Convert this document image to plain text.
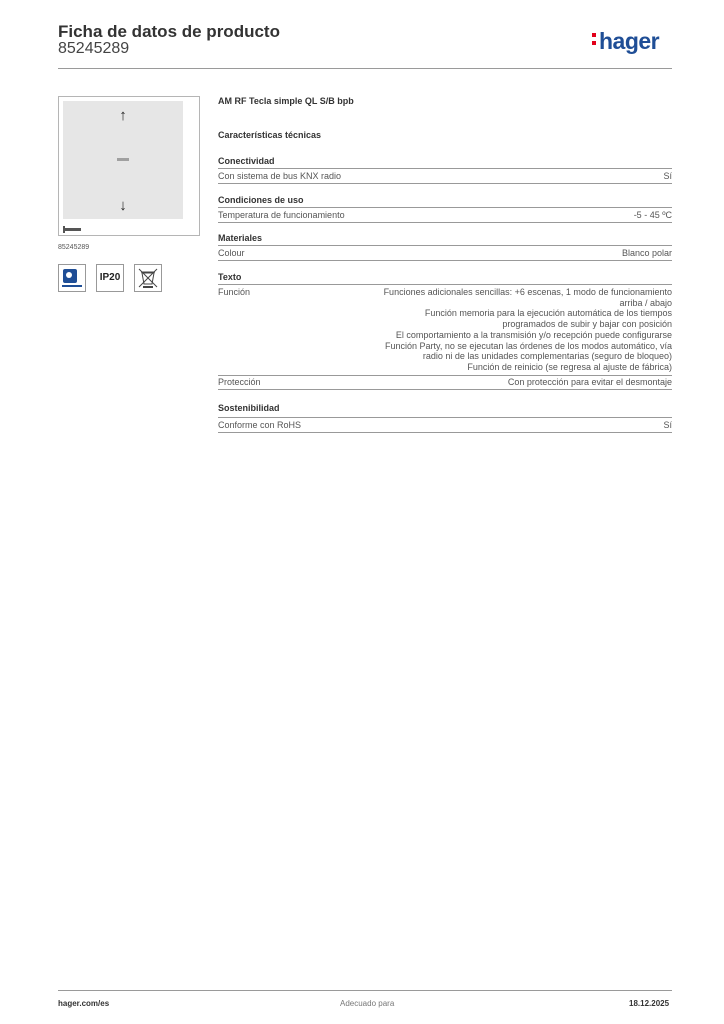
Ficha de datos de producto
85245289	hager
↑
↓
85245289
IP20
AM RF Tecla simple QL S/B bpb
Características técnicas
Conectividad
Con sistema de bus KNX radio	Sí
Condiciones de uso
Temperatura de funcionamiento	-5 - 45 ºC
Materiales
Colour	Blanco polar
Texto
Función	Funciones adicionales sencillas: +6 escenas, 1 modo de funcionamiento
arriba / abajo
Función memoria para la ejecución automática de los tiempos
programados de subir y bajar con posición
El comportamiento a la transmisión y/o recepción puede configurarse
Función Party, no se ejecutan las órdenes de los modos automático, vía
radio ni de las unidades complementarias (seguro de bloqueo)
Función de reinicio (se regresa al ajuste de fábrica)
Protección	Con protección para evitar el desmontaje
Sostenibilidad
Conforme con RoHS	Sí
hager.com/es	Adecuado para	18.12.2025
